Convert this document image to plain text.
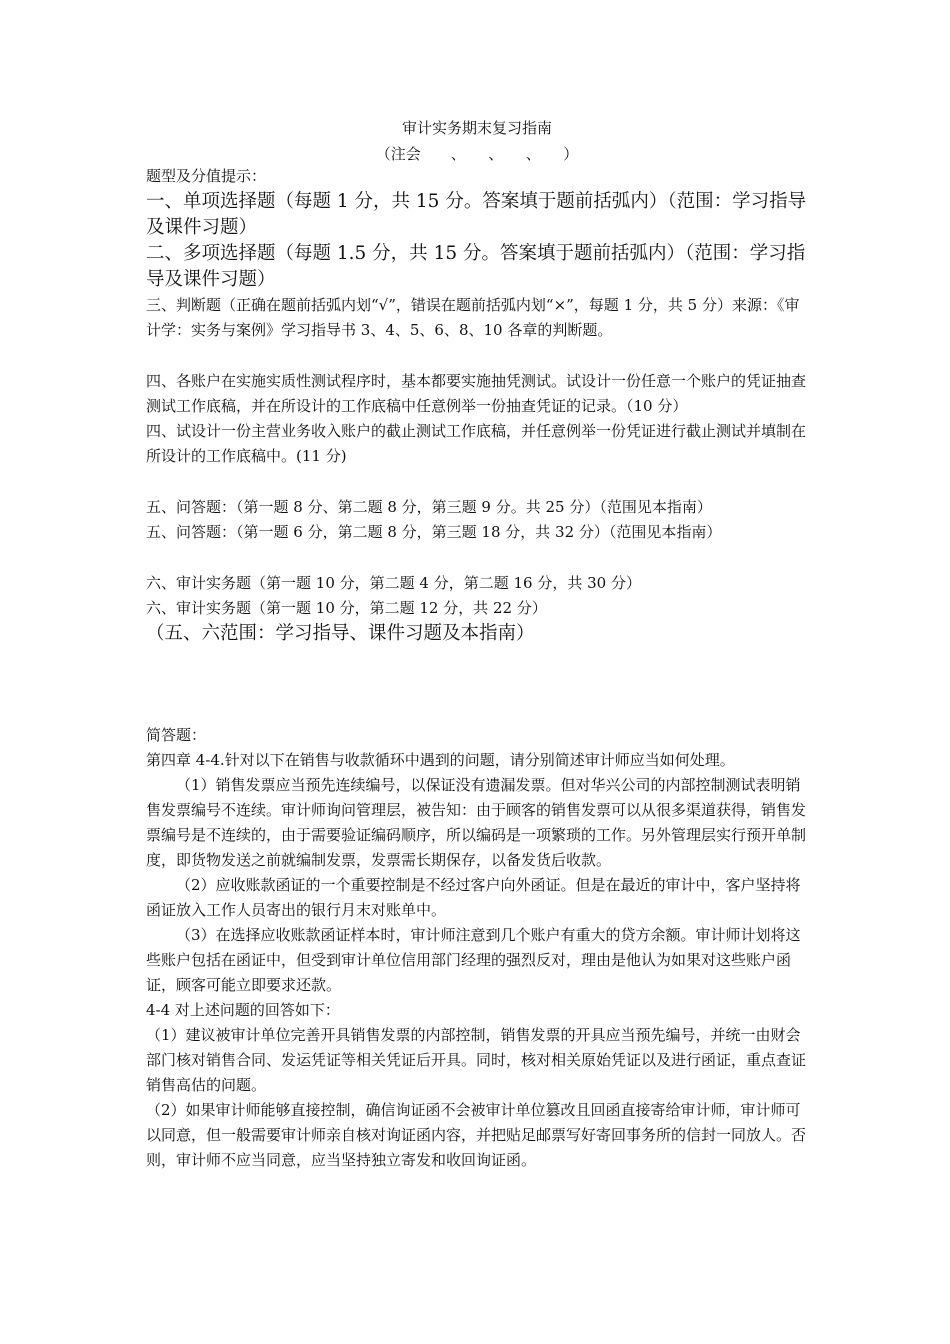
审计实务期末复习指南

（注会　　、　　、　　、　　）

题型及分值提示：

一、单项选择题（每题 1 分，共 15 分。答案填于题前括弧内）（范围：学习指导及课件习题）

二、多项选择题（每题 1.5 分，共 15 分。答案填于题前括弧内）（范围：学习指导及课件习题）

三、判断题（正确在题前括弧内划“√”，错误在题前括弧内划“×”，每题 1 分，共 5 分）来源：《审计学：实务与案例》学习指导书 3、4、5、6、8、10 各章的判断题。

四、各账户在实施实质性测试程序时，基本都要实施抽凭测试。试设计一份任意一个账户的凭证抽查测试工作底稿，并在所设计的工作底稿中任意例举一份抽查凭证的记录。（10 分）

四、试设计一份主营业务收入账户的截止测试工作底稿，并任意例举一份凭证进行截止测试并填制在所设计的工作底稿中。(11 分)

五、问答题：（第一题 8 分、第二题 8 分，第三题 9 分。共 25 分）（范围见本指南）

五、问答题：（第一题 6 分，第二题 8 分，第三题 18 分，共 32 分）（范围见本指南）

六、审计实务题（第一题 10 分，第二题 4 分，第二题 16 分，共 30 分）

六、审计实务题（第一题 10 分，第二题 12 分，共 22 分）

（五、六范围：学习指导、课件习题及本指南）

简答题：

第四章 4-4.针对以下在销售与收款循环中遇到的问题，请分别简述审计师应当如何处理。

（1）销售发票应当预先连续编号，以保证没有遗漏发票。但对华兴公司的内部控制测试表明销售发票编号不连续。审计师询问管理层，被告知：由于顾客的销售发票可以从很多渠道获得，销售发票编号是不连续的，由于需要验证编码顺序，所以编码是一项繁琐的工作。另外管理层实行预开单制度，即货物发送之前就编制发票，发票需长期保存，以备发货后收款。

（2）应收账款函证的一个重要控制是不经过客户向外函证。但是在最近的审计中，客户坚持将函证放入工作人员寄出的银行月末对账单中。

（3）在选择应收账款函证样本时，审计师注意到几个账户有重大的贷方余额。审计师计划将这些账户包括在函证中，但受到审计单位信用部门经理的强烈反对，理由是他认为如果对这些账户函证，顾客可能立即要求还款。

4-4 对上述问题的回答如下：

（1）建议被审计单位完善开具销售发票的内部控制，销售发票的开具应当预先编号，并统一由财会部门核对销售合同、发运凭证等相关凭证后开具。同时，核对相关原始凭证以及进行函证，重点查证销售高估的问题。

（2）如果审计师能够直接控制，确信询证函不会被审计单位篡改且回函直接寄给审计师，审计师可以同意，但一般需要审计师亲自核对询证函内容，并把贴足邮票写好寄回事务所的信封一同放人。否则，审计师不应当同意，应当坚持独立寄发和收回询证函。
